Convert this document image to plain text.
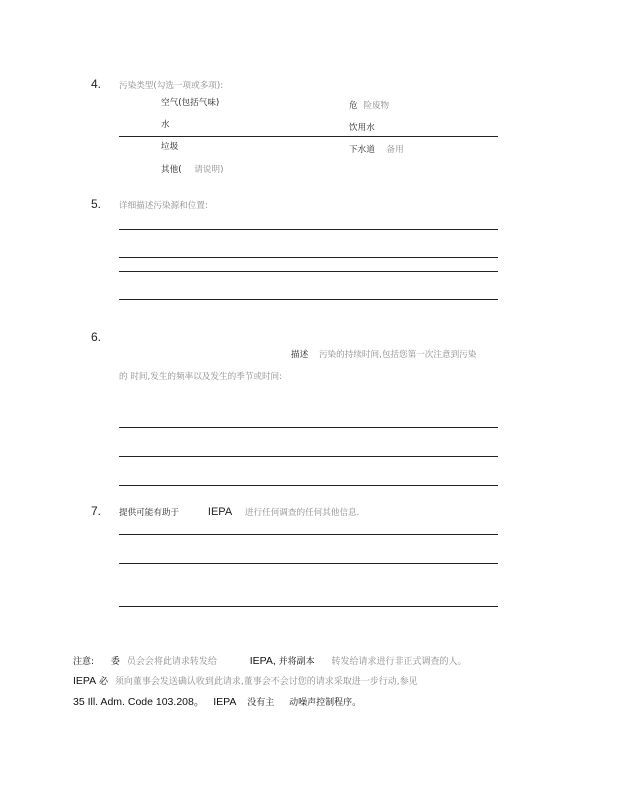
4. 污染类型(勾选一项或多项):
空气(包括气味)
水
垃圾
其他( 请说明)
危 险废物
饮用水
下水道 备用
5. 详细描述污染源和位置:
6.
描述 污染的持续时间,包括您第一次注意到污染
的 时间,发生的频率以及发生的季节或时间:
7. 提供可能有助于	IEPA 进行任何调查的任何其他信息.
注意: 委 员会会将此请求转发给	IEPA, 并将副本 转发给请求进行非正式调查的人。
IEPA 必 须向董事会发送确认收到此请求,董事会不会讨您的请求采取进一步行动,参见
35 Ill. Adm. Code 103.208。 IEPA 没有主 动噪声控制程序。
